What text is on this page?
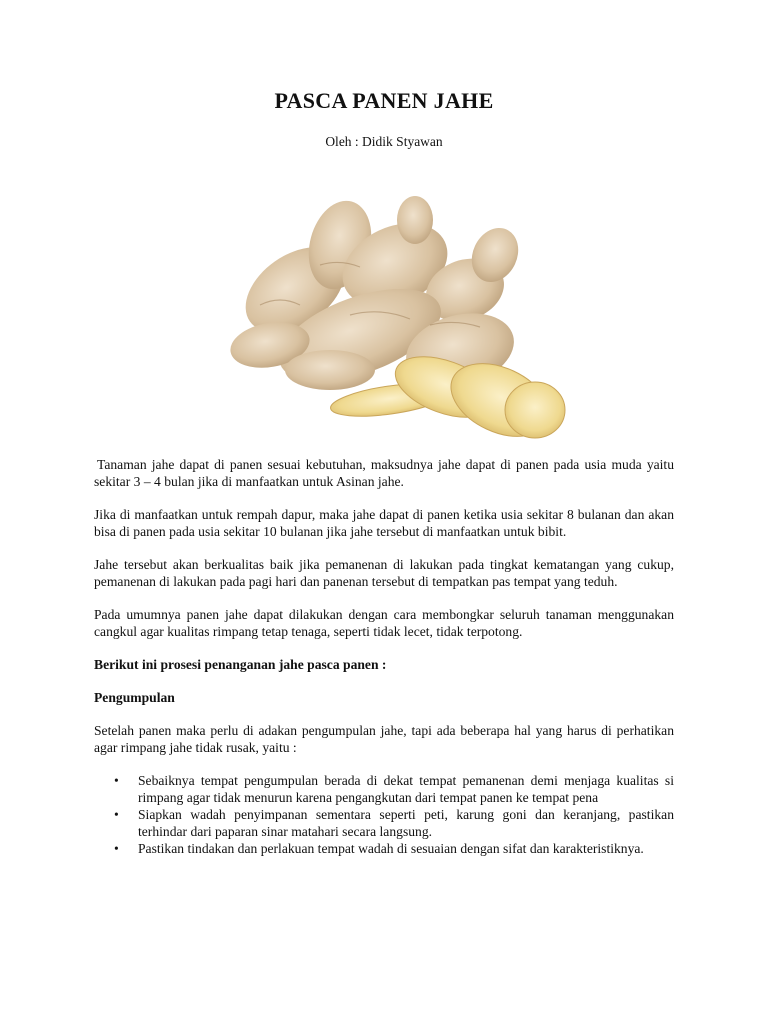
PASCA PANEN JAHE
Oleh : Didik Styawan

Tanaman jahe dapat di panen sesuai kebutuhan, maksudnya jahe dapat di panen pada usia muda yaitu sekitar 3 – 4 bulan jika di manfaatkan untuk Asinan jahe.

Jika di manfaatkan untuk rempah dapur, maka jahe dapat di panen ketika usia sekitar 8 bulanan dan akan bisa di panen pada usia sekitar 10 bulanan jika jahe tersebut di manfaatkan untuk bibit.

Jahe tersebut akan berkualitas baik jika pemanenan di lakukan pada tingkat kematangan yang cukup, pemanenan di lakukan pada pagi hari dan panenan tersebut di tempatkan pas tempat yang teduh.

Pada umumnya panen jahe dapat dilakukan dengan cara membongkar seluruh tanaman menggunakan cangkul agar kualitas rimpang tetap tenaga, seperti tidak lecet, tidak terpotong.

Berikut ini prosesi penanganan jahe pasca panen :

Pengumpulan

Setelah panen maka perlu di adakan pengumpulan jahe, tapi ada beberapa hal yang harus di perhatikan agar rimpang jahe tidak rusak, yaitu :

• Sebaiknya tempat pengumpulan berada di dekat tempat pemanenan demi menjaga kualitas si rimpang agar tidak menurun karena pengangkutan dari tempat panen ke tempat pena
• Siapkan wadah penyimpanan sementara seperti peti, karung goni dan keranjang, pastikan terhindar dari paparan sinar matahari secara langsung.
• Pastikan tindakan dan perlakuan tempat wadah di sesuaian dengan sifat dan karakteristiknya.
